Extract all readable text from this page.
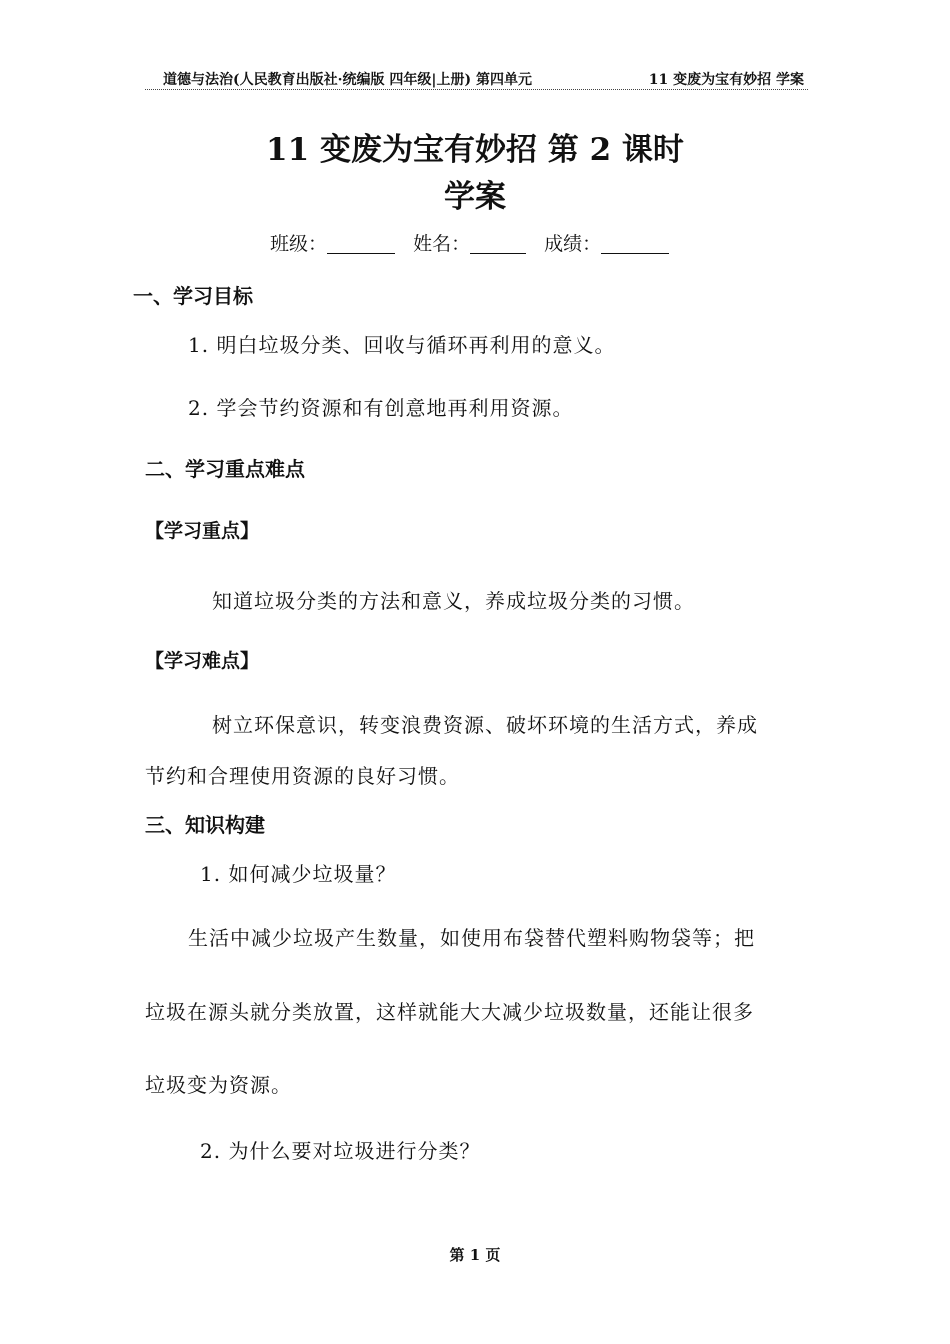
道德与法治(人民教育出版社·统编版 四年级|上册) 第四单元	11 变废为宝有妙招 学案
11 变废为宝有妙招 第 2 课时
学案
班级：	姓名：	成绩：
一、学习目标
1. 明白垃圾分类、回收与循环再利用的意义。
2. 学会节约资源和有创意地再利用资源。
二、学习重点难点
【学习重点】
知道垃圾分类的方法和意义，养成垃圾分类的习惯。
【学习难点】
树立环保意识，转变浪费资源、破坏环境的生活方式，养成
节约和合理使用资源的良好习惯。
三、知识构建
1. 如何减少垃圾量？
生活中减少垃圾产生数量，如使用布袋替代塑料购物袋等；把
垃圾在源头就分类放置，这样就能大大减少垃圾数量，还能让很多
垃圾变为资源。
2. 为什么要对垃圾进行分类？
第 1 页
